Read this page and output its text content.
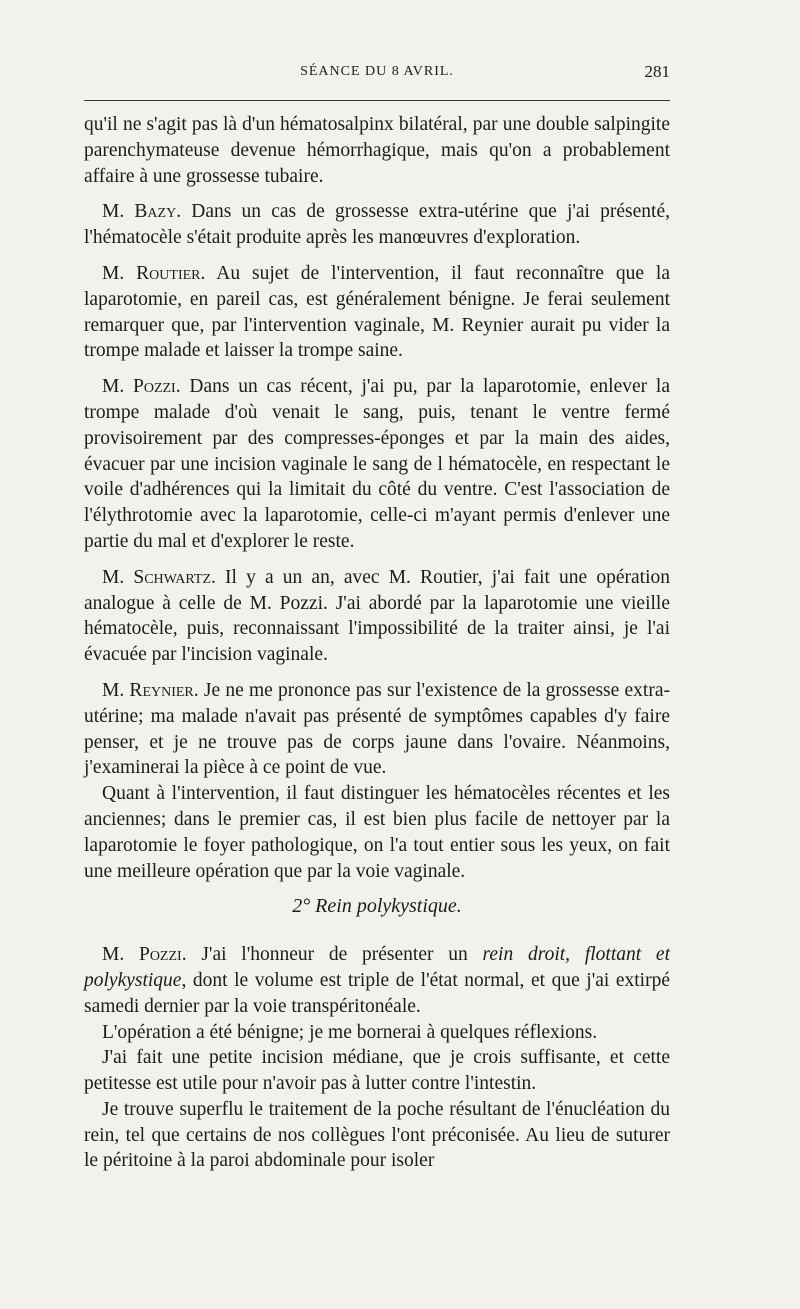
SÉANCE DU 8 AVRIL.	281

qu'il ne s'agit pas là d'un hématosalpinx bilatéral, par une double salpingite parenchymateuse devenue hémorrhagique, mais qu'on a probablement affaire à une grossesse tubaire.

M. Bazy. Dans un cas de grossesse extra-utérine que j'ai présenté, l'hématocèle s'était produite après les manœuvres d'exploration.

M. Routier. Au sujet de l'intervention, il faut reconnaître que la laparotomie, en pareil cas, est généralement bénigne. Je ferai seulement remarquer que, par l'intervention vaginale, M. Reynier aurait pu vider la trompe malade et laisser la trompe saine.

M. Pozzi. Dans un cas récent, j'ai pu, par la laparotomie, enlever la trompe malade d'où venait le sang, puis, tenant le ventre fermé provisoirement par des compresses-éponges et par la main des aides, évacuer par une incision vaginale le sang de l hématocèle, en respectant le voile d'adhérences qui la limitait du côté du ventre. C'est l'association de l'élythrotomie avec la laparotomie, celle-ci m'ayant permis d'enlever une partie du mal et d'explorer le reste.

M. Schwartz. Il y a un an, avec M. Routier, j'ai fait une opération analogue à celle de M. Pozzi. J'ai abordé par la laparotomie une vieille hématocèle, puis, reconnaissant l'impossibilité de la traiter ainsi, je l'ai évacuée par l'incision vaginale.

M. Reynier. Je ne me prononce pas sur l'existence de la grossesse extra-utérine; ma malade n'avait pas présenté de symptômes capables d'y faire penser, et je ne trouve pas de corps jaune dans l'ovaire. Néanmoins, j'examinerai la pièce à ce point de vue.

Quant à l'intervention, il faut distinguer les hématocèles récentes et les anciennes; dans le premier cas, il est bien plus facile de nettoyer par la laparotomie le foyer pathologique, on l'a tout entier sous les yeux, on fait une meilleure opération que par la voie vaginale.

2° Rein polykystique.

M. Pozzi. J'ai l'honneur de présenter un rein droit, flottant et polykystique, dont le volume est triple de l'état normal, et que j'ai extirpé samedi dernier par la voie transpéritonéale.

L'opération a été bénigne; je me bornerai à quelques réflexions.

J'ai fait une petite incision médiane, que je crois suffisante, et cette petitesse est utile pour n'avoir pas à lutter contre l'intestin.

Je trouve superflu le traitement de la poche résultant de l'énucléation du rein, tel que certains de nos collègues l'ont préconisée. Au lieu de suturer le péritoine à la paroi abdominale pour isoler
